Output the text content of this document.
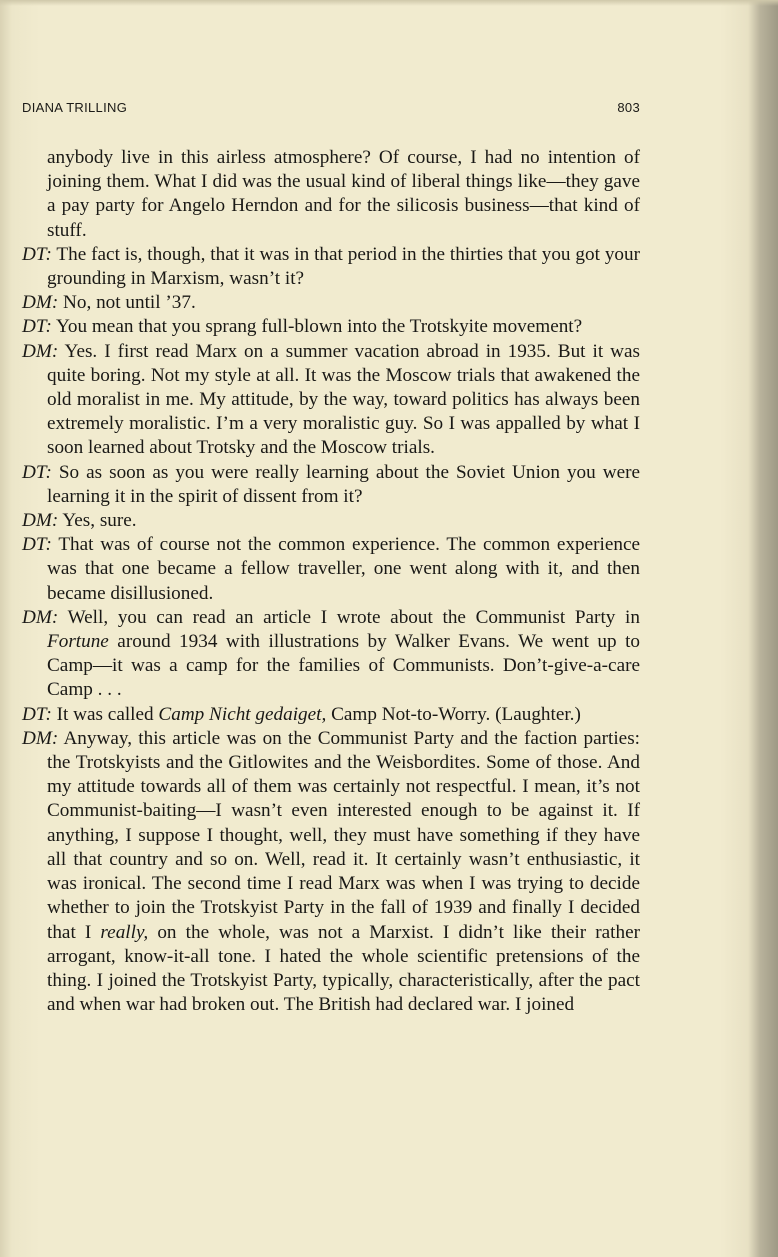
DIANA TRILLING	803

anybody live in this airless atmosphere? Of course, I had no intention of joining them. What I did was the usual kind of liberal things like—they gave a pay party for Angelo Herndon and for the silicosis business—that kind of stuff.

DT: The fact is, though, that it was in that period in the thirties that you got your grounding in Marxism, wasn’t it?

DM: No, not until ’37.

DT: You mean that you sprang full-blown into the Trotskyite movement?

DM: Yes. I first read Marx on a summer vacation abroad in 1935. But it was quite boring. Not my style at all. It was the Moscow trials that awakened the old moralist in me. My attitude, by the way, toward politics has always been extremely moralistic. I’m a very moralistic guy. So I was appalled by what I soon learned about Trotsky and the Moscow trials.

DT: So as soon as you were really learning about the Soviet Union you were learning it in the spirit of dissent from it?

DM: Yes, sure.

DT: That was of course not the common experience. The common experience was that one became a fellow traveller, one went along with it, and then became disillusioned.

DM: Well, you can read an article I wrote about the Communist Party in Fortune around 1934 with illustrations by Walker Evans. We went up to Camp—it was a camp for the families of Communists. Don’t-give-a-care Camp . . .

DT: It was called Camp Nicht gedaiget, Camp Not-to-Worry. (Laughter.)

DM: Anyway, this article was on the Communist Party and the faction parties: the Trotskyists and the Gitlowites and the Weisbordites. Some of those. And my attitude towards all of them was certainly not respectful. I mean, it’s not Communist-baiting—I wasn’t even interested enough to be against it. If anything, I suppose I thought, well, they must have something if they have all that country and so on. Well, read it. It certainly wasn’t enthusiastic, it was ironical. The second time I read Marx was when I was trying to decide whether to join the Trotskyist Party in the fall of 1939 and finally I decided that I really, on the whole, was not a Marxist. I didn’t like their rather arrogant, know-it-all tone. I hated the whole scientific pretensions of the thing. I joined the Trotskyist Party, typically, characteristically, after the pact and when war had broken out. The British had declared war. I joined
